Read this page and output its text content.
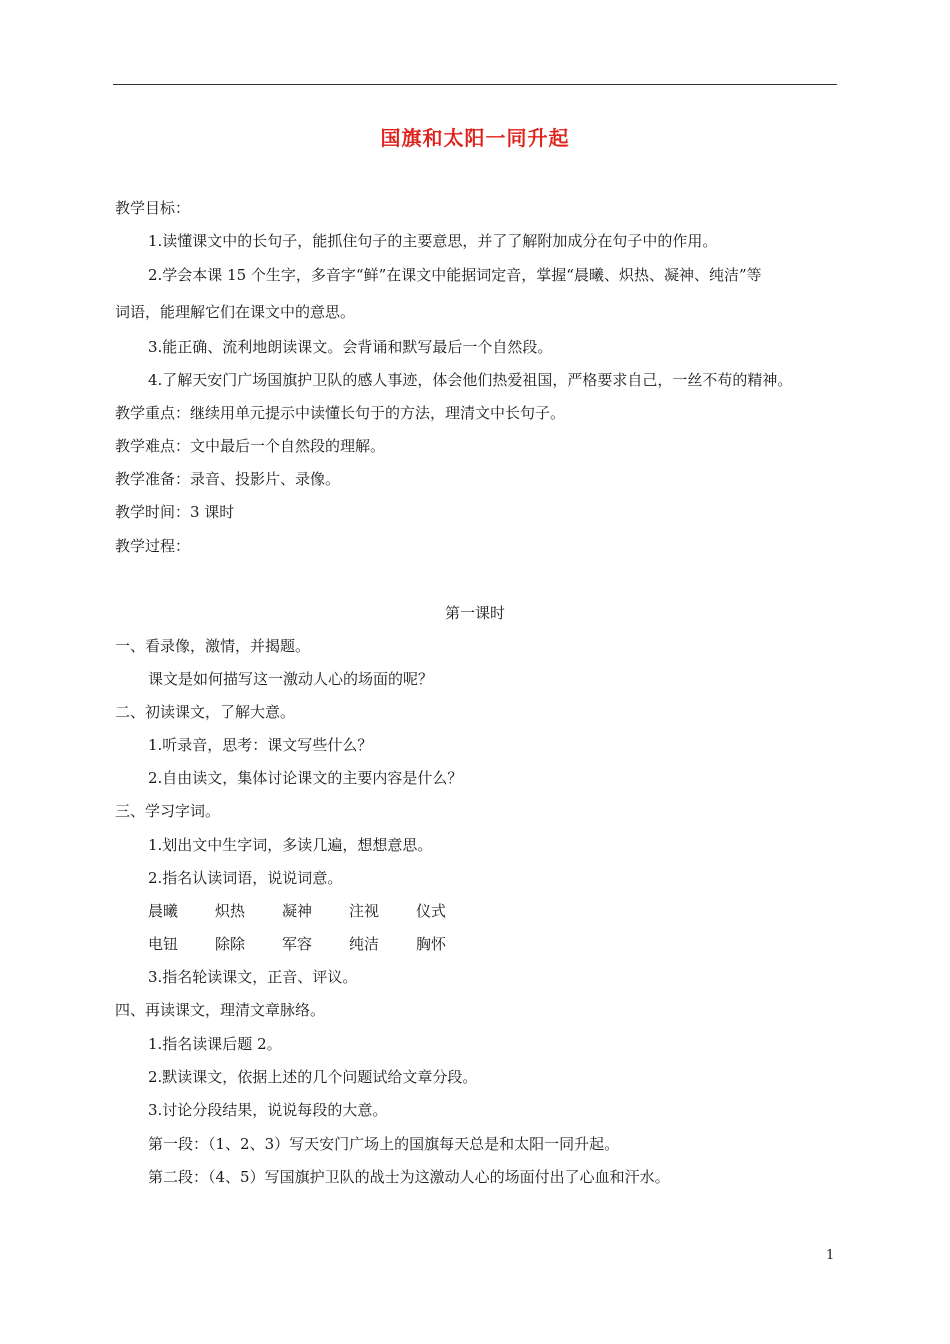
国旗和太阳一同升起
教学目标：
1.读懂课文中的长句子，能抓住句子的主要意思，并了了解附加成分在句子中的作用。
2.学会本课 15 个生字，多音字“鲜”在课文中能据词定音，掌握“晨曦、炽热、凝神、纯洁”等
词语，能理解它们在课文中的意思。
3.能正确、流利地朗读课文。会背诵和默写最后一个自然段。
4.了解天安门广场国旗护卫队的感人事迹，体会他们热爱祖国，严格要求自己，一丝不苟的精神。
教学重点：继续用单元提示中读懂长句于的方法，理清文中长句子。
教学难点：文中最后一个自然段的理解。
教学准备：录音、投影片、录像。
教学时间：3 课时
教学过程：
第一课时
一、看录像，激情，并揭题。
课文是如何描写这一激动人心的场面的呢？
二、初读课文，了解大意。
1.听录音，思考：课文写些什么？
2.自由读文，集体讨论课文的主要内容是什么？
三、学习字词。
1.划出文中生字词，多读几遍，想想意思。
2.指名认读词语，说说词意。
晨曦 炽热 凝神 注视 仪式
电钮 除除 军容 纯洁 胸怀
3.指名轮读课文，正音、评议。
四、再读课文，理清文章脉络。
1.指名读课后题 2。
2.默读课文，依据上述的几个问题试给文章分段。
3.讨论分段结果，说说每段的大意。
第一段：（1、2、3）写天安门广场上的国旗每天总是和太阳一同升起。
第二段：（4、5）写国旗护卫队的战士为这激动人心的场面付出了心血和汗水。
1
